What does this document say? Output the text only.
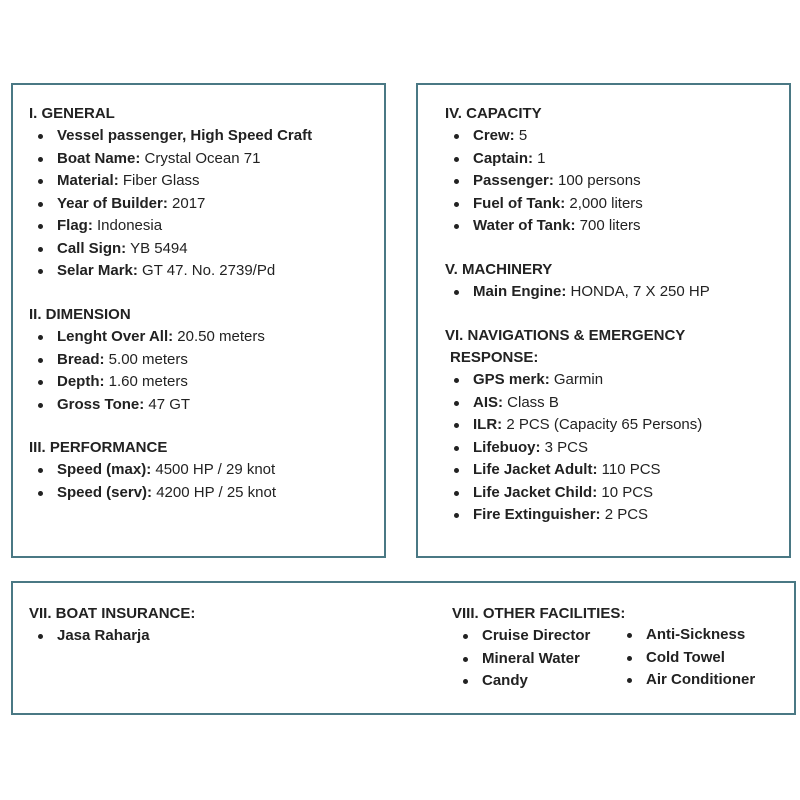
I. GENERAL
Vessel passenger, High Speed Craft
Boat Name: Crystal Ocean 71
Material: Fiber Glass
Year of Builder: 2017
Flag: Indonesia
Call Sign: YB 5494
Selar Mark: GT 47. No. 2739/Pd
II. DIMENSION
Lenght Over All: 20.50 meters
Bread: 5.00 meters
Depth: 1.60 meters
Gross Tone: 47 GT
III. PERFORMANCE
Speed (max): 4500 HP / 29 knot
Speed (serv): 4200 HP / 25 knot
IV. CAPACITY
Crew: 5
Captain: 1
Passenger: 100 persons
Fuel of Tank: 2,000 liters
Water of Tank: 700 liters
V. MACHINERY
Main Engine: HONDA, 7 X 250 HP
VI. NAVIGATIONS & EMERGENCY
RESPONSE:
GPS merk: Garmin
AIS: Class B
ILR: 2 PCS (Capacity 65 Persons)
Lifebuoy: 3 PCS
Life Jacket Adult: 110 PCS
Life Jacket Child: 10 PCS
Fire Extinguisher: 2 PCS
VII. BOAT INSURANCE:
Jasa Raharja
VIII. OTHER FACILITIES:
Cruise Director
Mineral Water
Candy
Anti-Sickness
Cold Towel
Air Conditioner
